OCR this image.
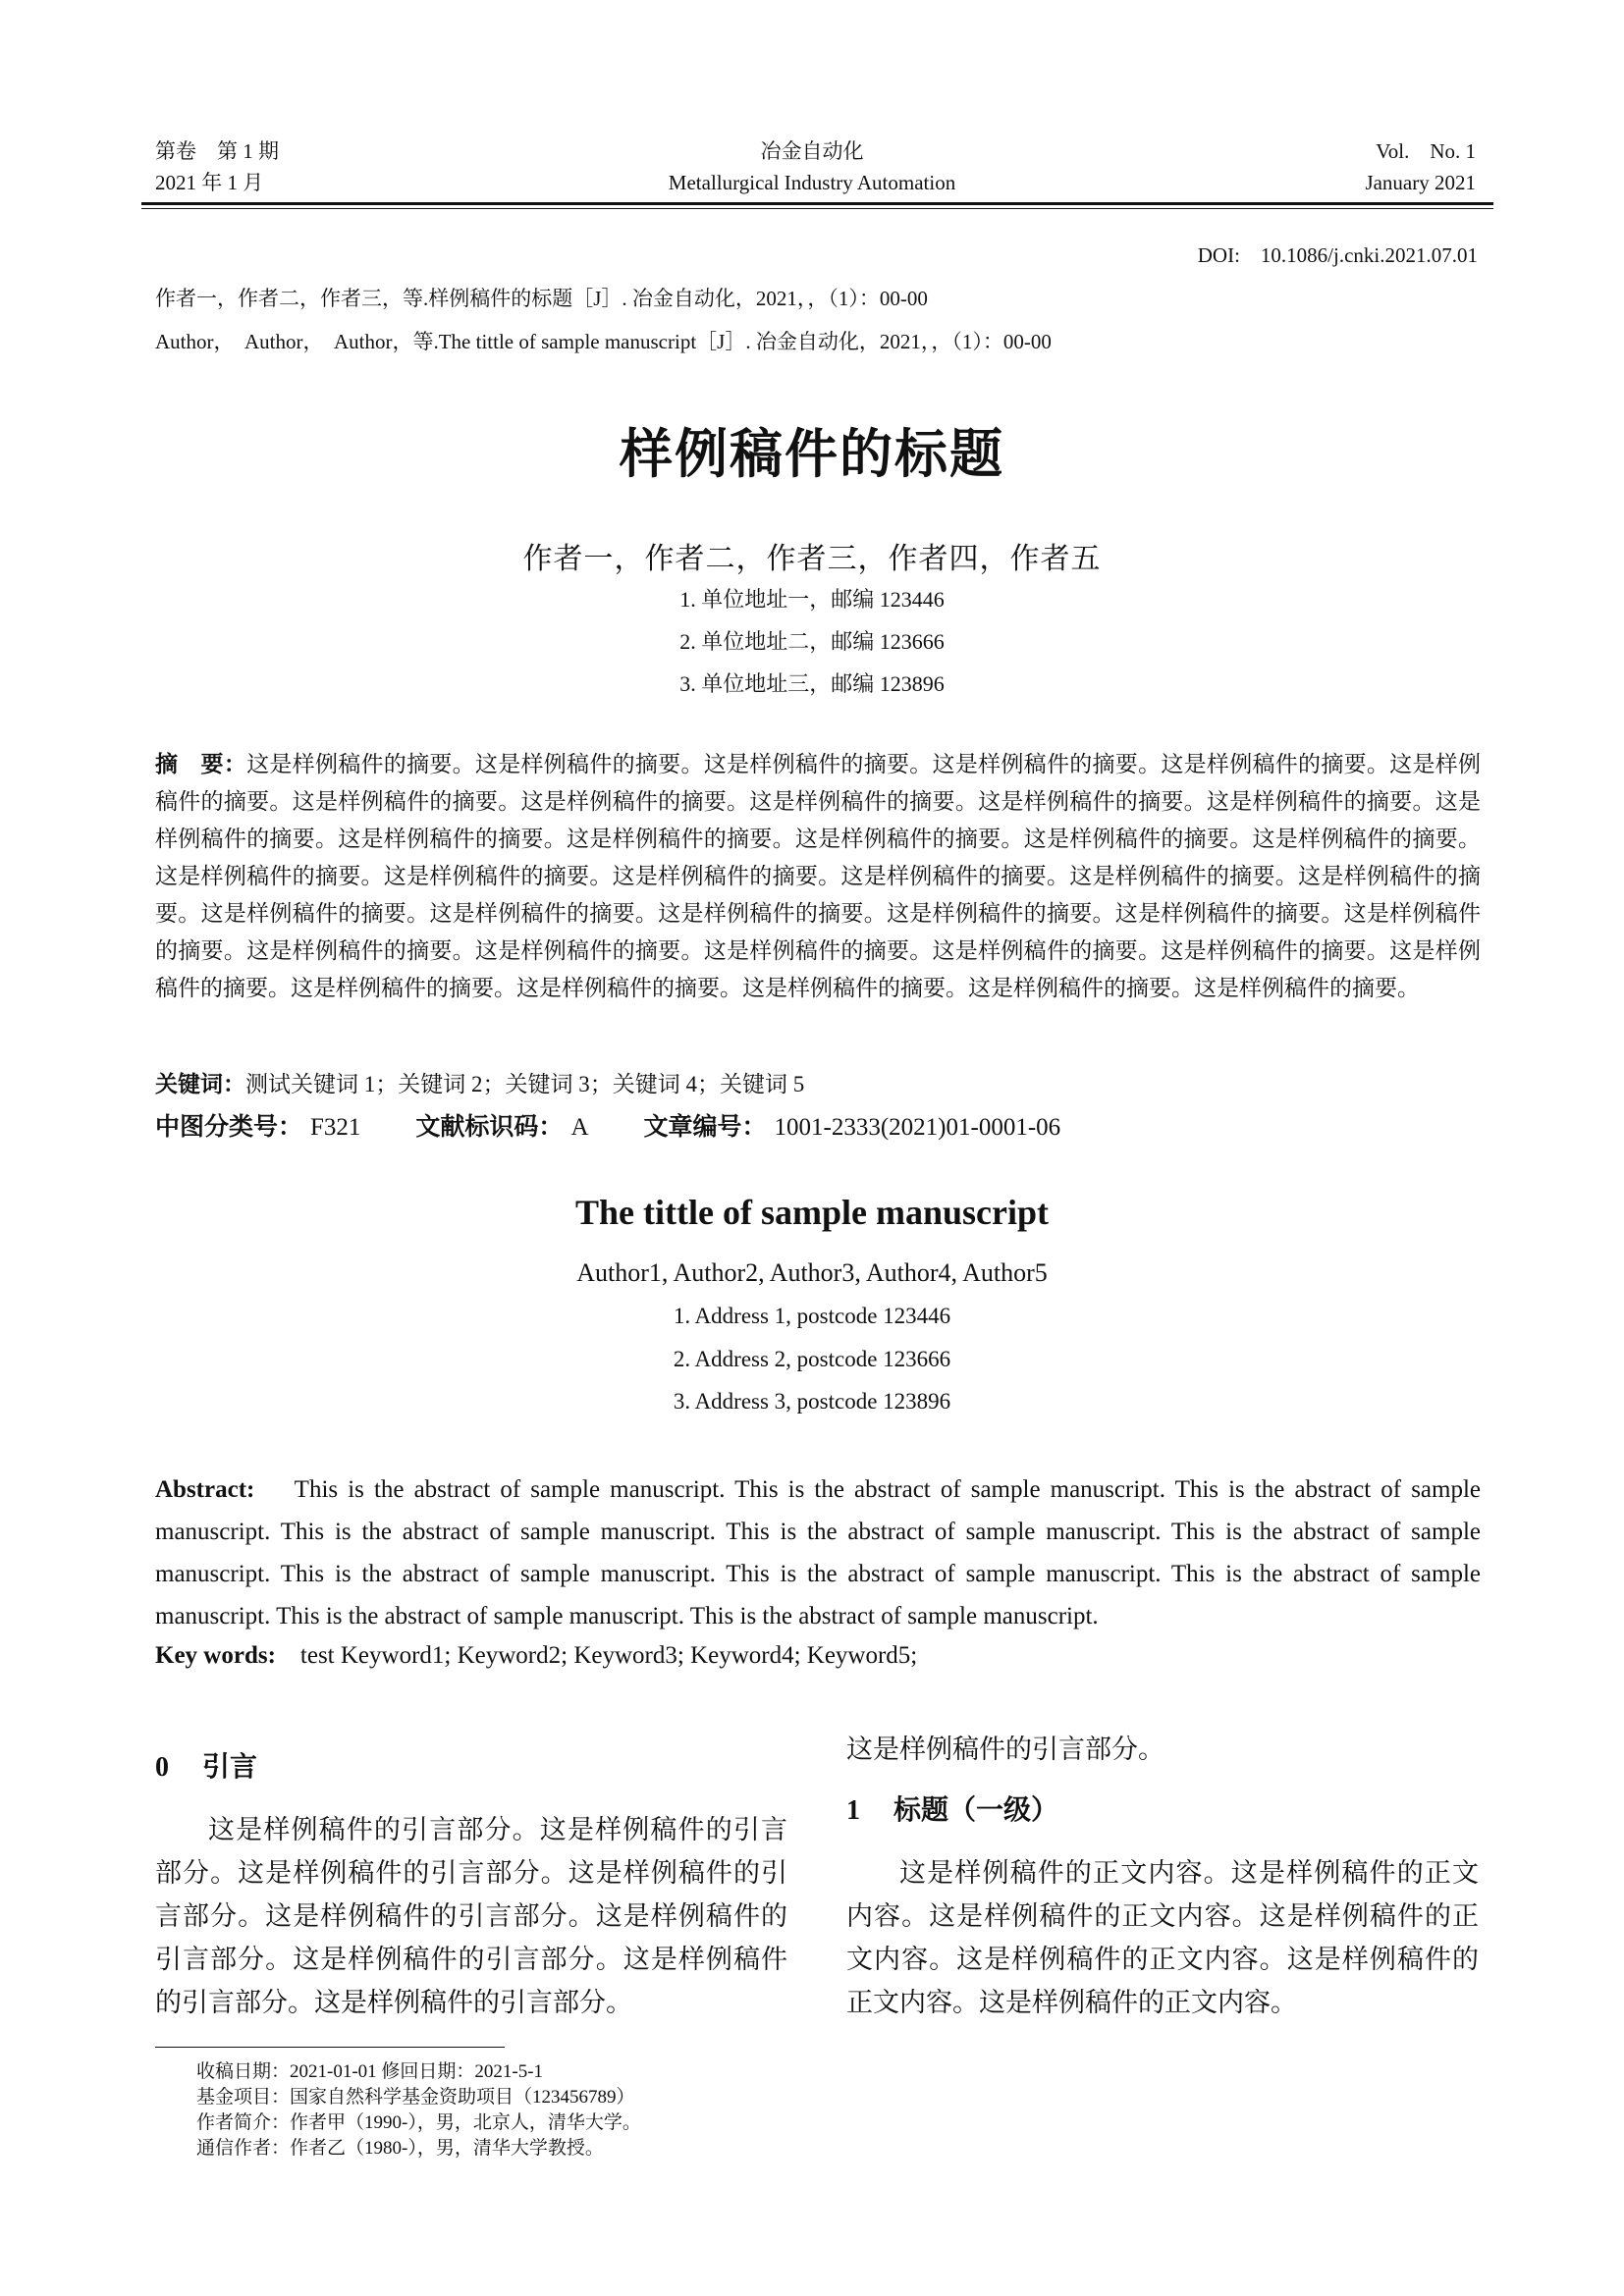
第卷　第 1 期
2021 年 1 月
冶金自动化
Metallurgical Industry Automation
Vol.　No. 1
January 2021
DOI:　10.1086/j.cnki.2021.07.01
作者一，作者二，作者三，等.样例稿件的标题［J］. 冶金自动化，2021，，（1）：00-00
Author，　Author，　Author，等.The tittle of sample manuscript［J］. 冶金自动化，2021，，（1）：00-00
样例稿件的标题
作者一，作者二，作者三，作者四，作者五
1. 单位地址一，邮编 123446
2. 单位地址二，邮编 123666
3. 单位地址三，邮编 123896
摘　要：这是样例稿件的摘要。这是样例稿件的摘要。这是样例稿件的摘要。这是样例稿件的摘要。这是样例稿件的摘要。这是样例稿件的摘要。这是样例稿件的摘要。这是样例稿件的摘要。这是样例稿件的摘要。这是样例稿件的摘要。这是样例稿件的摘要。这是样例稿件的摘要。这是样例稿件的摘要。这是样例稿件的摘要。这是样例稿件的摘要。这是样例稿件的摘要。这是样例稿件的摘要。这是样例稿件的摘要。这是样例稿件的摘要。这是样例稿件的摘要。这是样例稿件的摘要。这是样例稿件的摘要。这是样例稿件的摘要。这是样例稿件的摘要。这是样例稿件的摘要。这是样例稿件的摘要。这是样例稿件的摘要。这是样例稿件的摘要。这是样例稿件的摘要。这是样例稿件的摘要。这是样例稿件的摘要。这是样例稿件的摘要。这是样例稿件的摘要。这是样例稿件的摘要。这是样例稿件的摘要。这是样例稿件的摘要。这是样例稿件的摘要。这是样例稿件的摘要。这是样例稿件的摘要。这是样例稿件的摘要。
关键词：测试关键词 1；关键词 2；关键词 3；关键词 4；关键词 5
中图分类号： F321 文献标识码： A 文章编号： 1001-2333(2021)01-0001-06
The tittle of sample manuscript
Author1, Author2, Author3, Author4, Author5
1. Address 1, postcode 123446
2. Address 2, postcode 123666
3. Address 3, postcode 123896
Abstract: This is the abstract of sample manuscript. This is the abstract of sample manuscript. This is the abstract of sample manuscript. This is the abstract of sample manuscript. This is the abstract of sample manuscript. This is the abstract of sample manuscript. This is the abstract of sample manuscript. This is the abstract of sample manuscript. This is the abstract of sample manuscript. This is the abstract of sample manuscript. This is the abstract of sample manuscript.
Key words: test Keyword1; Keyword2; Keyword3; Keyword4; Keyword5;
0 引言
这是样例稿件的引言部分。这是样例稿件的引言部分。这是样例稿件的引言部分。这是样例稿件的引言部分。这是样例稿件的引言部分。这是样例稿件的引言部分。这是样例稿件的引言部分。这是样例稿件的引言部分。这是样例稿件的引言部分。
这是样例稿件的引言部分。
1 标题（一级）
这是样例稿件的正文内容。这是样例稿件的正文内容。这是样例稿件的正文内容。这是样例稿件的正文内容。这是样例稿件的正文内容。这是样例稿件的正文内容。这是样例稿件的正文内容。
收稿日期：2021-01-01 修回日期：2021-5-1
基金项目：国家自然科学基金资助项目（123456789）
作者简介：作者甲（1990-），男，北京人，清华大学。
通信作者：作者乙（1980-），男，清华大学教授。
